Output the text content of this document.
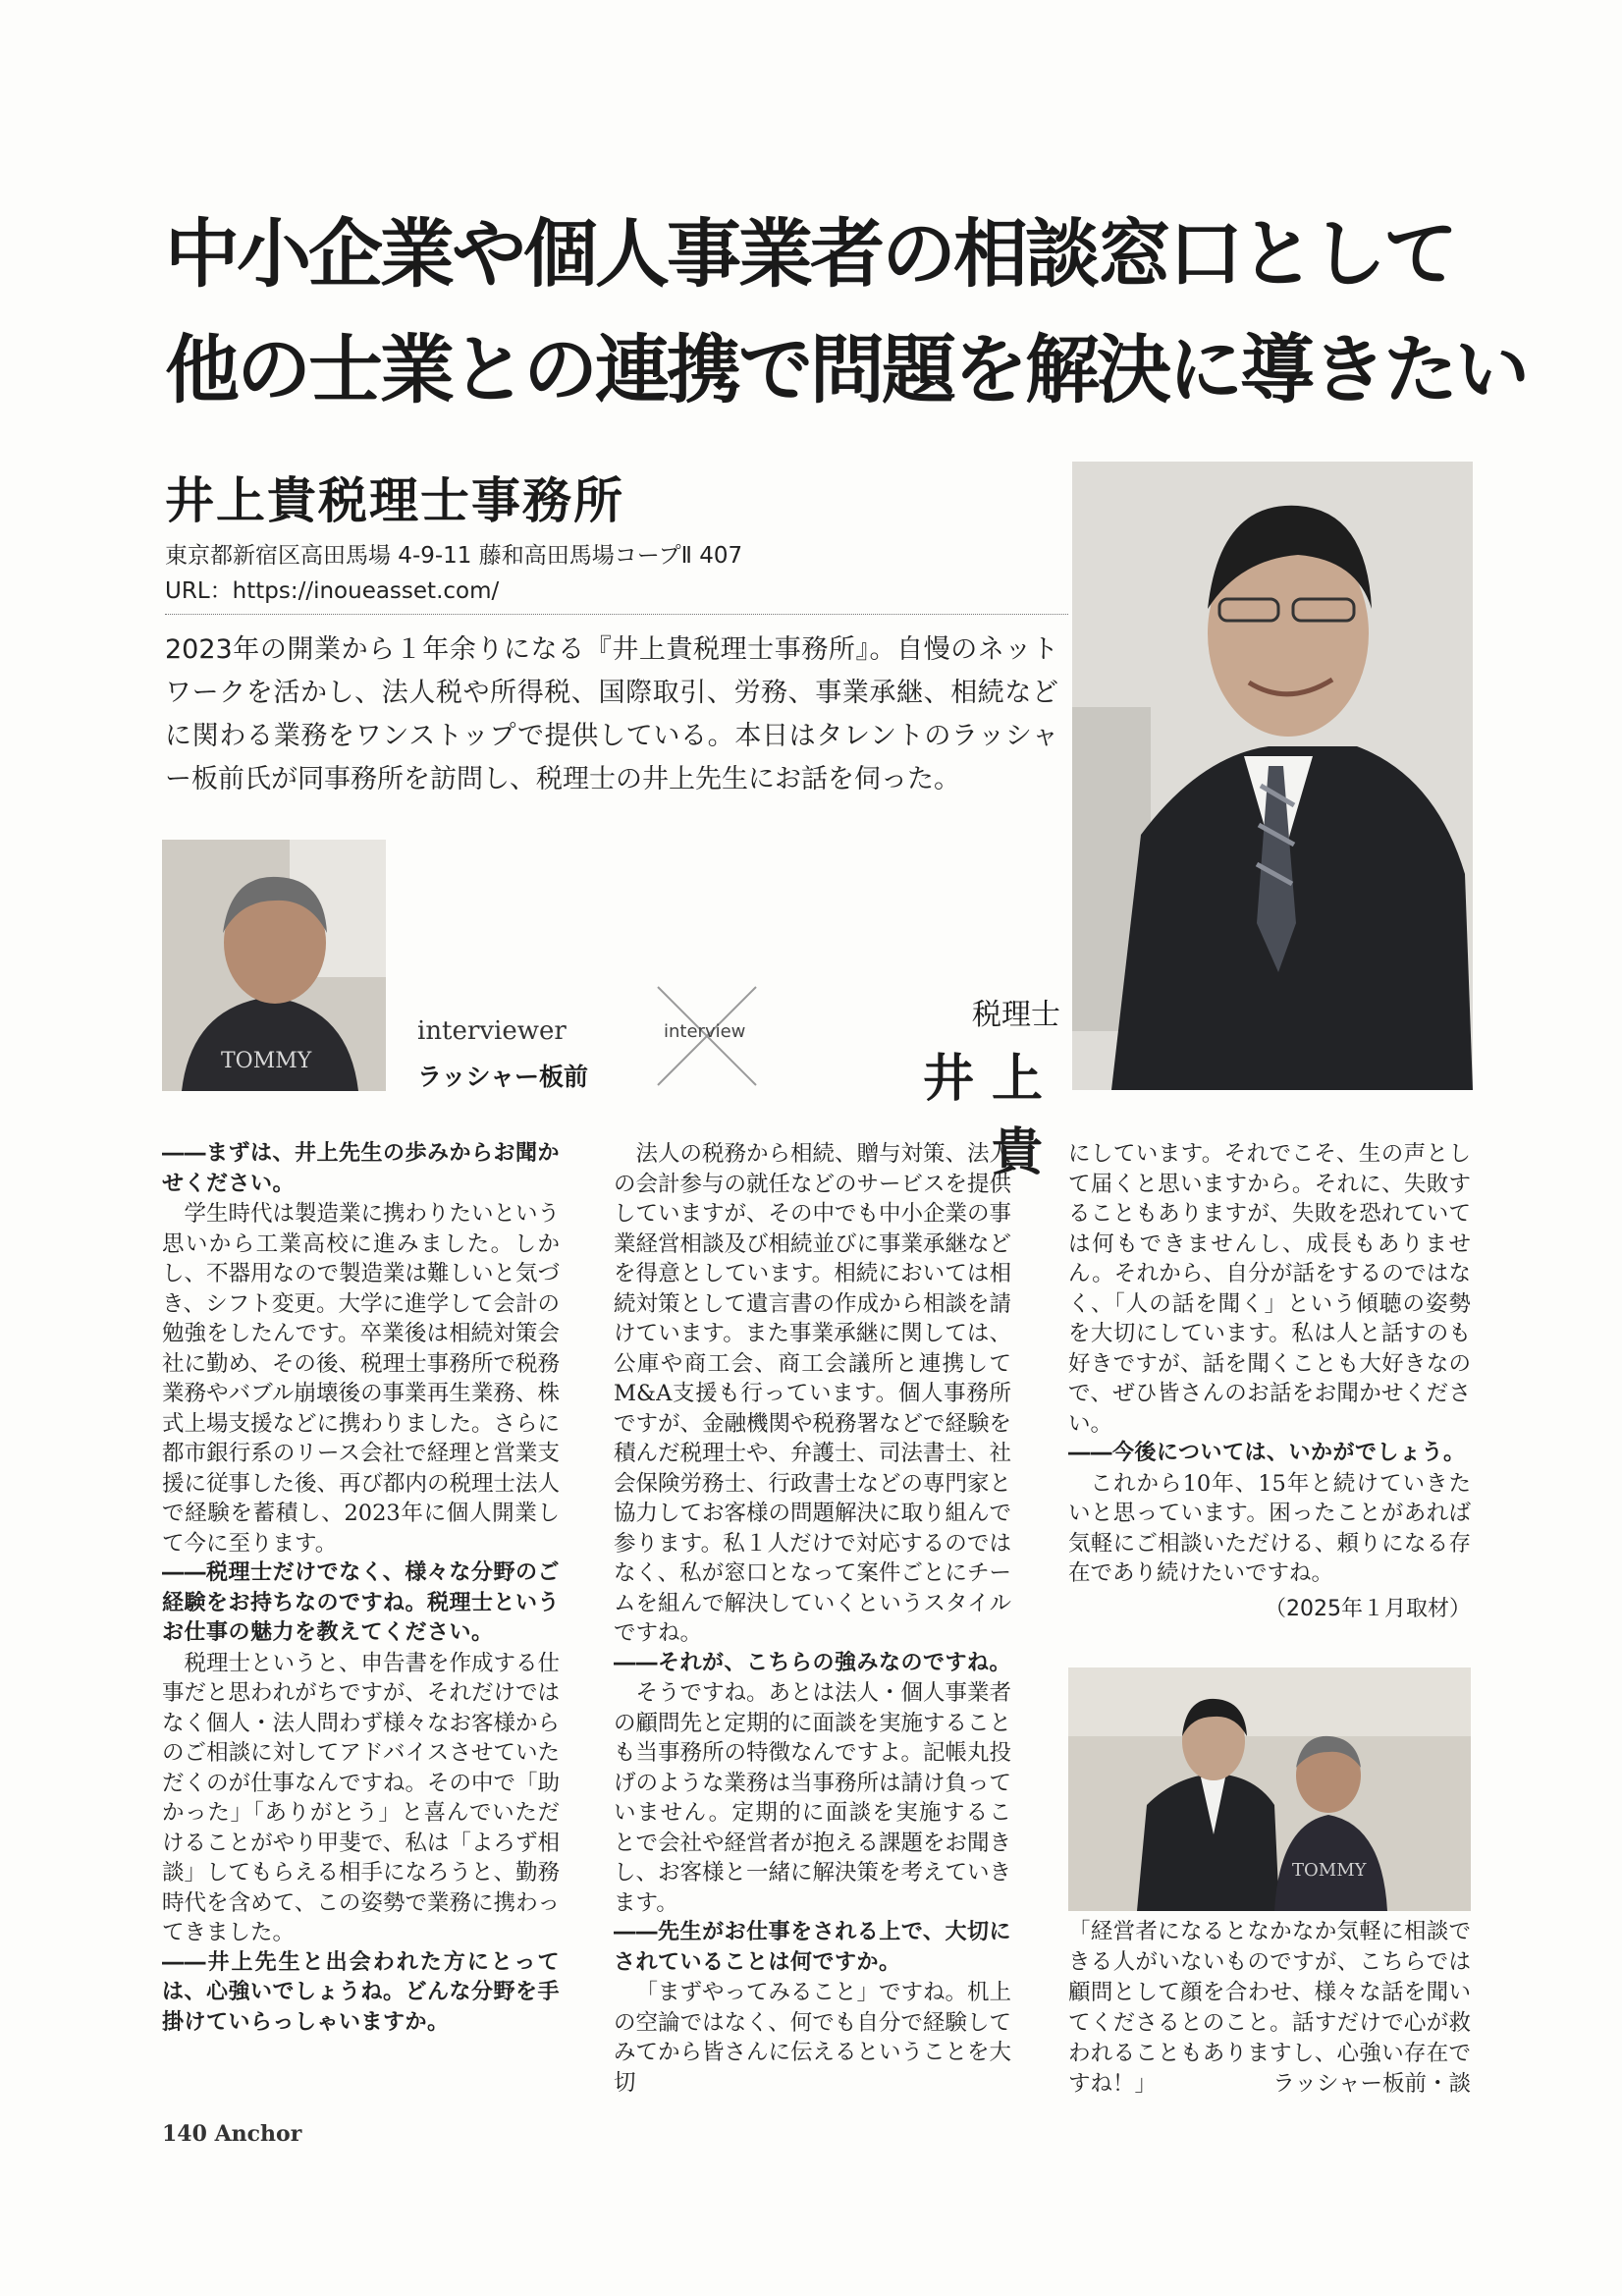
中小企業や個人事業者の相談窓口として
他の士業との連携で問題を解決に導きたい
井上貴税理士事務所
東京都新宿区高田馬場 4-9-11 藤和高田馬場コープⅡ 407
URL：https://inoueasset.com/
2023年の開業から１年余りになる『井上貴税理士事務所』。自慢のネットワークを活かし、法人税や所得税、国際取引、労務、事業承継、相続などに関わる業務をワンストップで提供している。本日はタレントのラッシャー板前氏が同事務所を訪問し、税理士の井上先生にお話を伺った。
TOMMY
interviewer
ラッシャー板前
interview	税理士
井上 貴

――まずは、井上先生の歩みからお聞かせください。

学生時代は製造業に携わりたいという思いから工業高校に進みました。しかし、不器用なので製造業は難しいと気づき、シフト変更。大学に進学して会計の勉強をしたんです。卒業後は相続対策会社に勤め、その後、税理士事務所で税務業務やバブル崩壊後の事業再生業務、株式上場支援などに携わりました。さらに都市銀行系のリース会社で経理と営業支援に従事した後、再び都内の税理士法人で経験を蓄積し、2023年に個人開業して今に至ります。

――税理士だけでなく、様々な分野のご経験をお持ちなのですね。税理士というお仕事の魅力を教えてください。

税理士というと、申告書を作成する仕事だと思われがちですが、それだけではなく個人・法人問わず様々なお客様からのご相談に対してアドバイスさせていただくのが仕事なんですね。その中で「助かった」「ありがとう」と喜んでいただけることがやり甲斐で、私は「よろず相談」してもらえる相手になろうと、勤務時代を含めて、この姿勢で業務に携わってきました。

――井上先生と出会われた方にとっては、心強いでしょうね。どんな分野を手掛けていらっしゃいますか。

法人の税務から相続、贈与対策、法人の会計参与の就任などのサービスを提供していますが、その中でも中小企業の事業経営相談及び相続並びに事業承継などを得意としています。相続においては相続対策として遺言書の作成から相談を請けています。また事業承継に関しては、公庫や商工会、商工会議所と連携してM&A支援も行っています。個人事務所ですが、金融機関や税務署などで経験を積んだ税理士や、弁護士、司法書士、社会保険労務士、行政書士などの専門家と協力してお客様の問題解決に取り組んで参ります。私１人だけで対応するのではなく、私が窓口となって案件ごとにチームを組んで解決していくというスタイルですね。

――それが、こちらの強みなのですね。

そうですね。あとは法人・個人事業者の顧問先と定期的に面談を実施することも当事務所の特徴なんですよ。記帳丸投げのような業務は当事務所は請け負っていません。定期的に面談を実施することで会社や経営者が抱える課題をお聞きし、お客様と一緒に解決策を考えていきます。

――先生がお仕事をされる上で、大切にされていることは何ですか。

「まずやってみること」ですね。机上の空論ではなく、何でも自分で経験してみてから皆さんに伝えるということを大切

にしています。それでこそ、生の声として届くと思いますから。それに、失敗することもありますが、失敗を恐れていては何もできませんし、成長もありません。それから、自分が話をするのではなく、「人の話を聞く」という傾聴の姿勢を大切にしています。私は人と話すのも好きですが、話を聞くことも大好きなので、ぜひ皆さんのお話をお聞かせください。

――今後については、いかがでしょう。

これから10年、15年と続けていきたいと思っています。困ったことがあれば気軽にご相談いただける、頼りになる存在であり続けたいですね。

（2025年１月取材）

TOMMY
「経営者になるとなかなか気軽に相談できる人がいないものですが、こちらでは顧問として顔を合わせ、様々な話を聞いてくださるとのこと。話すだけで心が救われることもありますし、心強い存在ですね！」	ラッシャー板前・談
140 Anchor
